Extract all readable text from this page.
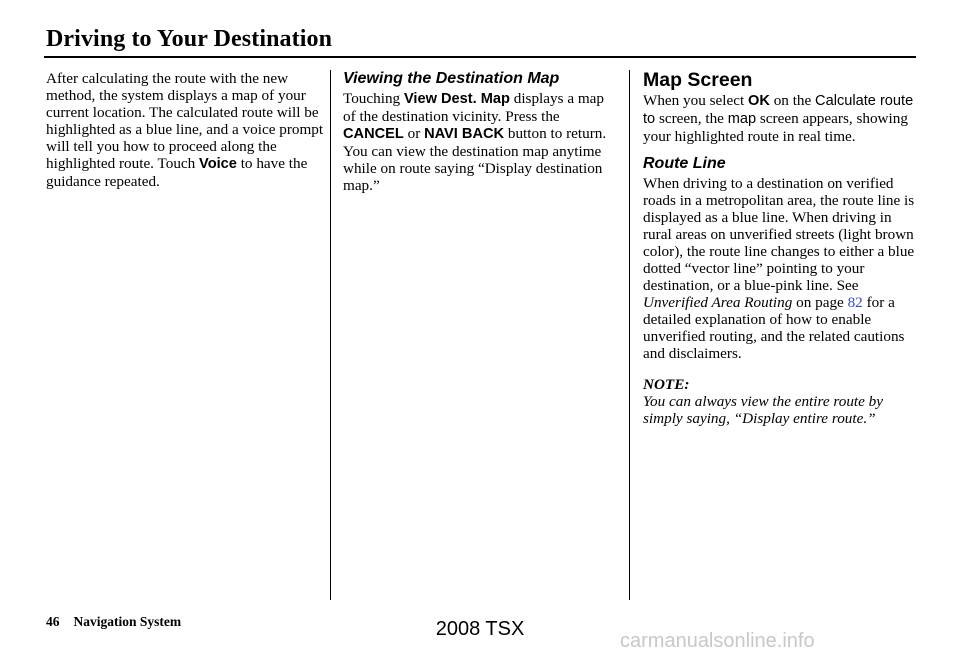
Driving to Your Destination

After calculating the route with the new method, the system displays a map of your current location. The calculated route will be highlighted as a blue line, and a voice prompt will tell you how to proceed along the highlighted route. Touch Voice to have the guidance repeated.

Viewing the Destination Map

Touching View Dest. Map displays a map of the destination vicinity. Press the CANCEL or NAVI BACK button to return. You can view the destination map anytime while on route saying “Display destination map.”

Map Screen

When you select OK on the Calculate route to screen, the map screen appears, showing your highlighted route in real time.

Route Line

When driving to a destination on verified roads in a metropolitan area, the route line is displayed as a blue line. When driving in rural areas on unverified streets (light brown color), the route line changes to either a blue dotted “vector line” pointing to your destination, or a blue-pink line. See Unverified Area Routing on page 82 for a detailed explanation of how to enable unverified routing, and the related cautions and disclaimers.

NOTE:

You can always view the entire route by simply saying, “Display entire route.”

46 Navigation System	2008 TSX
carmanualsonline.info
